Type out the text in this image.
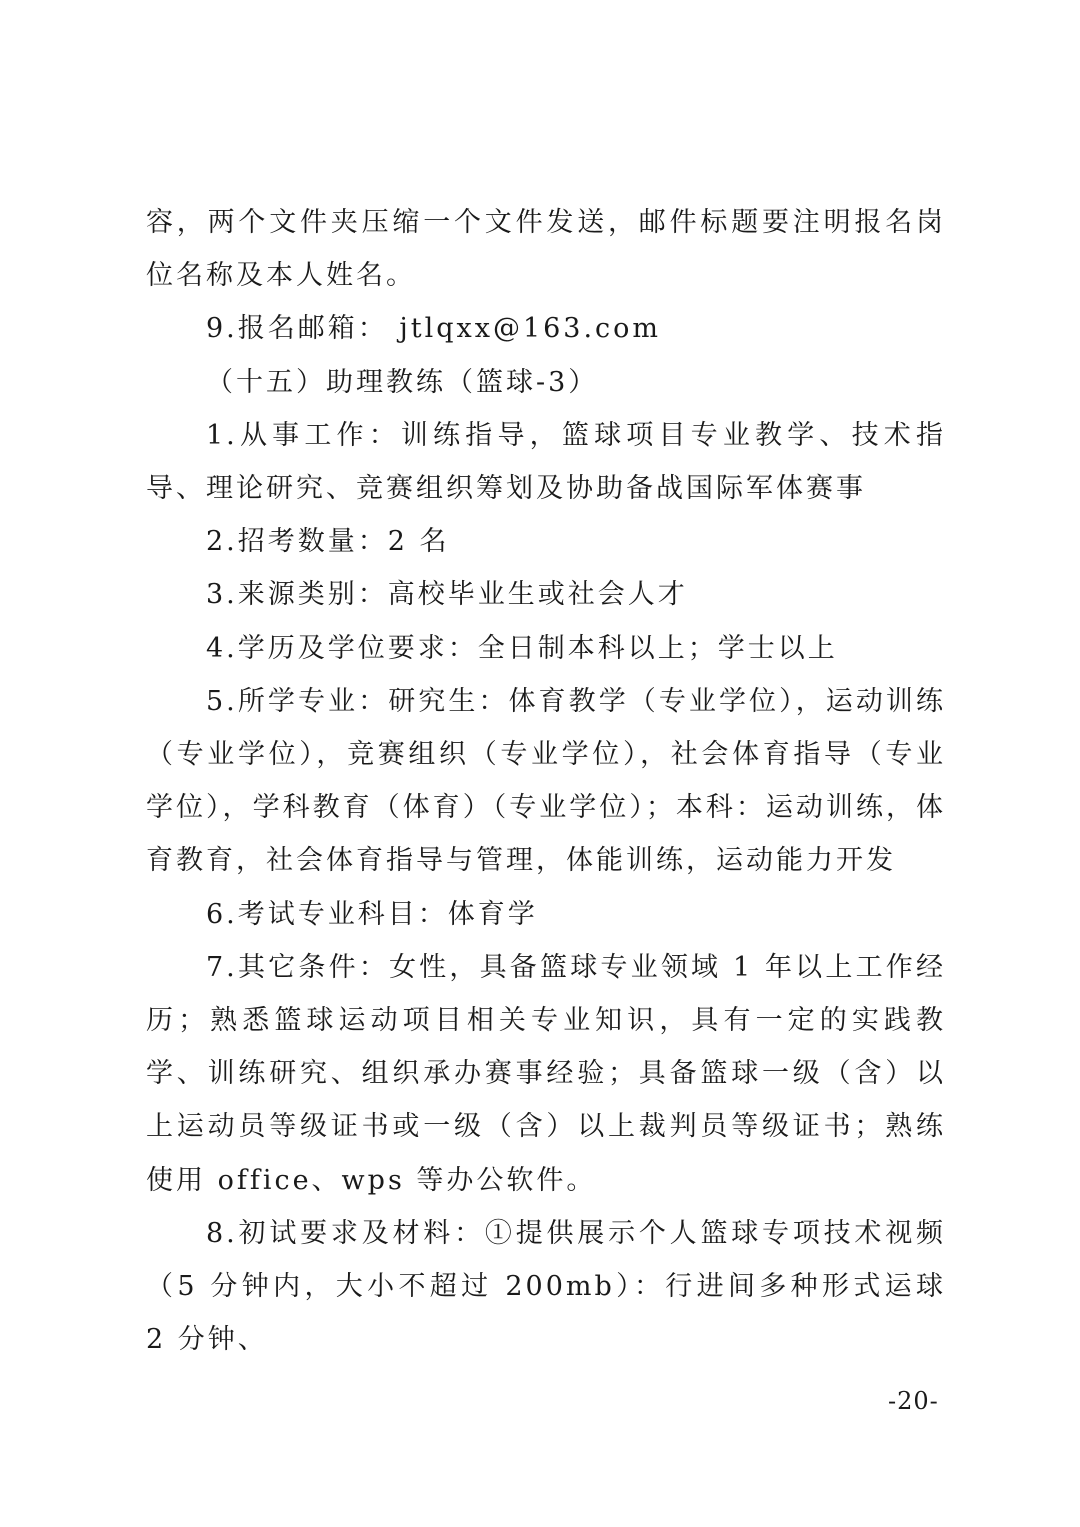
容，两个文件夹压缩一个文件发送，邮件标题要注明报名岗位名称及本人姓名。

9.报名邮箱： jtlqxx@163.com

（十五）助理教练（篮球-3）

1.从事工作：训练指导，篮球项目专业教学、技术指导、理论研究、竞赛组织筹划及协助备战国际军体赛事

2.招考数量：2 名

3.来源类别：高校毕业生或社会人才

4.学历及学位要求：全日制本科以上；学士以上

5.所学专业：研究生：体育教学（专业学位），运动训练（专业学位），竞赛组织（专业学位），社会体育指导（专业学位），学科教育（体育）（专业学位）；本科：运动训练，体育教育，社会体育指导与管理，体能训练，运动能力开发

6.考试专业科目：体育学

7.其它条件：女性，具备篮球专业领域 1 年以上工作经历；熟悉篮球运动项目相关专业知识，具有一定的实践教学、训练研究、组织承办赛事经验；具备篮球一级（含）以上运动员等级证书或一级（含）以上裁判员等级证书；熟练使用 office、wps 等办公软件。

8.初试要求及材料：①提供展示个人篮球专项技术视频（5 分钟内，大小不超过 200mb）：行进间多种形式运球 2 分钟、

-20-
